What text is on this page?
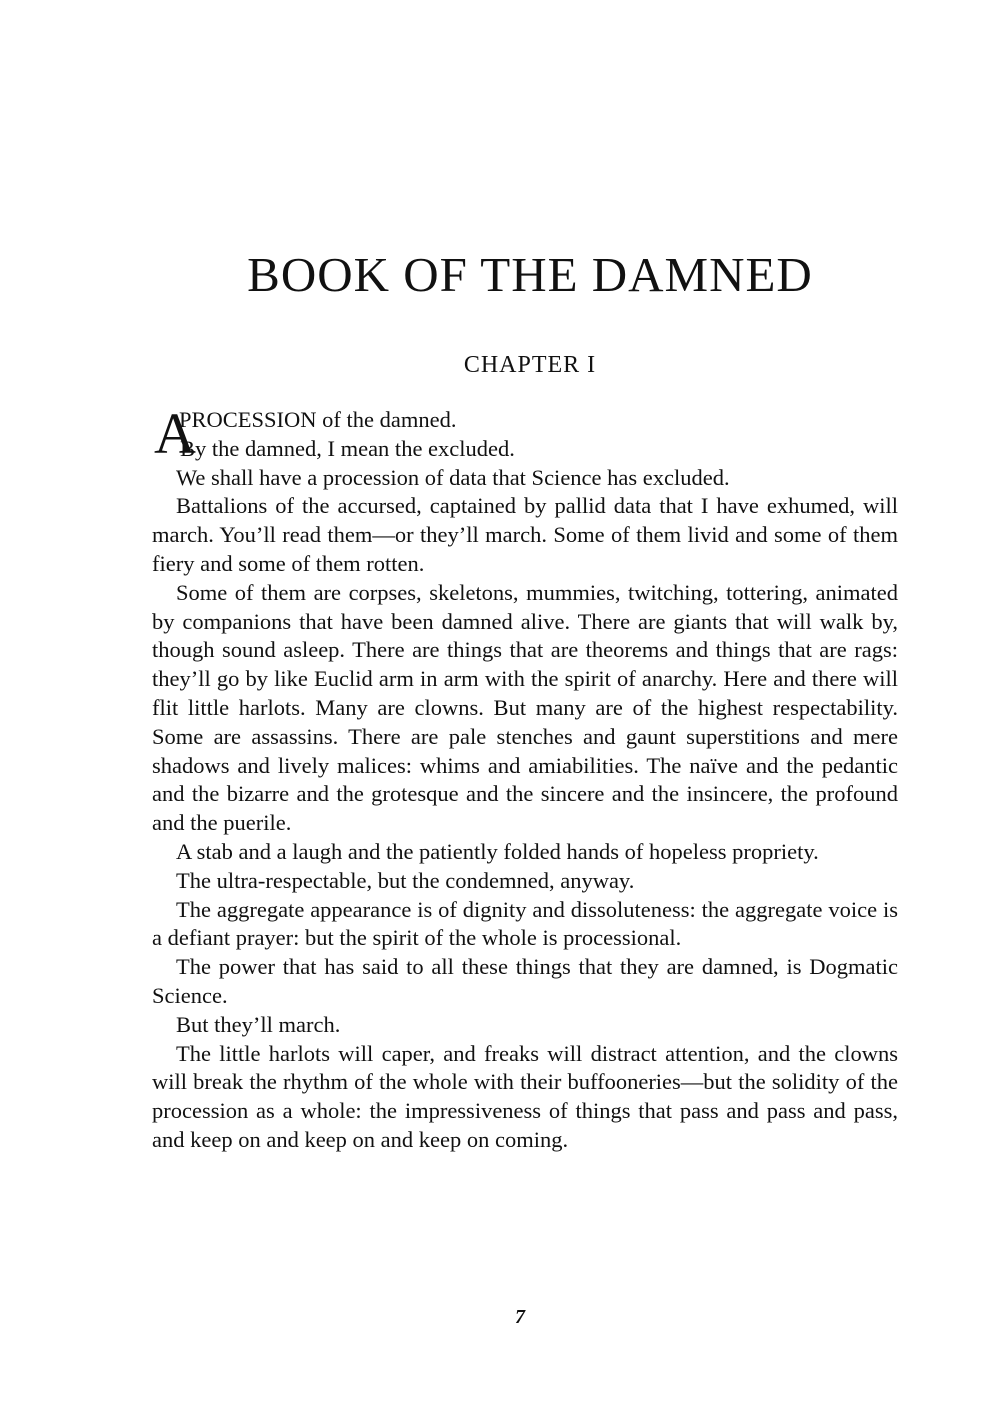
BOOK OF THE DAMNED
CHAPTER I

A
PROCESSION of the damned.

By the damned, I mean the excluded.

We shall have a procession of data that Science has excluded.

Battalions of the accursed, captained by pallid data that I have exhumed, will march. You’ll read them—or they’ll march. Some of them livid and some of them fiery and some of them rotten.

Some of them are corpses, skeletons, mummies, twitching, tottering, animated by companions that have been damned alive. There are giants that will walk by, though sound asleep. There are things that are theorems and things that are rags: they’ll go by like Euclid arm in arm with the spirit of anarchy. Here and there will flit little harlots. Many are clowns. But many are of the highest respectability. Some are assassins. There are pale stenches and gaunt superstitions and mere shadows and lively malices: whims and amiabilities. The naïve and the pedantic and the bizarre and the grotesque and the sincere and the insincere, the profound and the puerile.

A stab and a laugh and the patiently folded hands of hopeless propriety.

The ultra-respectable, but the condemned, anyway.

The aggregate appearance is of dignity and dissoluteness: the aggregate voice is a defiant prayer: but the spirit of the whole is processional.

The power that has said to all these things that they are damned, is Dogmatic Science.

But they’ll march.

The little harlots will caper, and freaks will distract attention, and the clowns will break the rhythm of the whole with their buffooneries—but the solidity of the procession as a whole: the impressiveness of things that pass and pass and pass, and keep on and keep on and keep on coming.

7
